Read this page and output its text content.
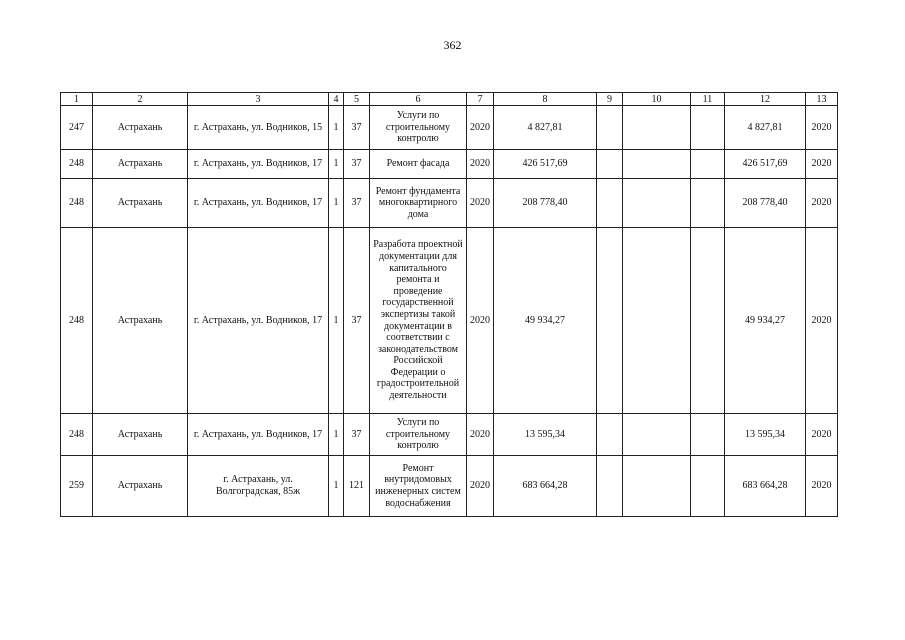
362
1	2	3	4	5	6	7	8	9	10	11	12	13
247	Астрахань	г. Астрахань, ул. Водников, 15	1	37	Услуги по строительному контролю	2020	4 827,81				4 827,81	2020
248	Астрахань	г. Астрахань, ул. Водников, 17	1	37	Ремонт фасада	2020	426 517,69				426 517,69	2020
248	Астрахань	г. Астрахань, ул. Водников, 17	1	37	Ремонт фундамента многоквартирного дома	2020	208 778,40				208 778,40	2020
248	Астрахань	г. Астрахань, ул. Водников, 17	1	37	Разработа проектной документации для капитального ремонта и проведение государственной экспертизы такой документации в соответствии с законодательством Российской Федерации о градостроительной деятельности	2020	49 934,27				49 934,27	2020
248	Астрахань	г. Астрахань, ул. Водников, 17	1	37	Услуги по строительному контролю	2020	13 595,34				13 595,34	2020
259	Астрахань	г. Астрахань, ул. Волгоградская, 85ж	1	121	Ремонт внутридомовых инженерных систем водоснабжения	2020	683 664,28				683 664,28	2020
